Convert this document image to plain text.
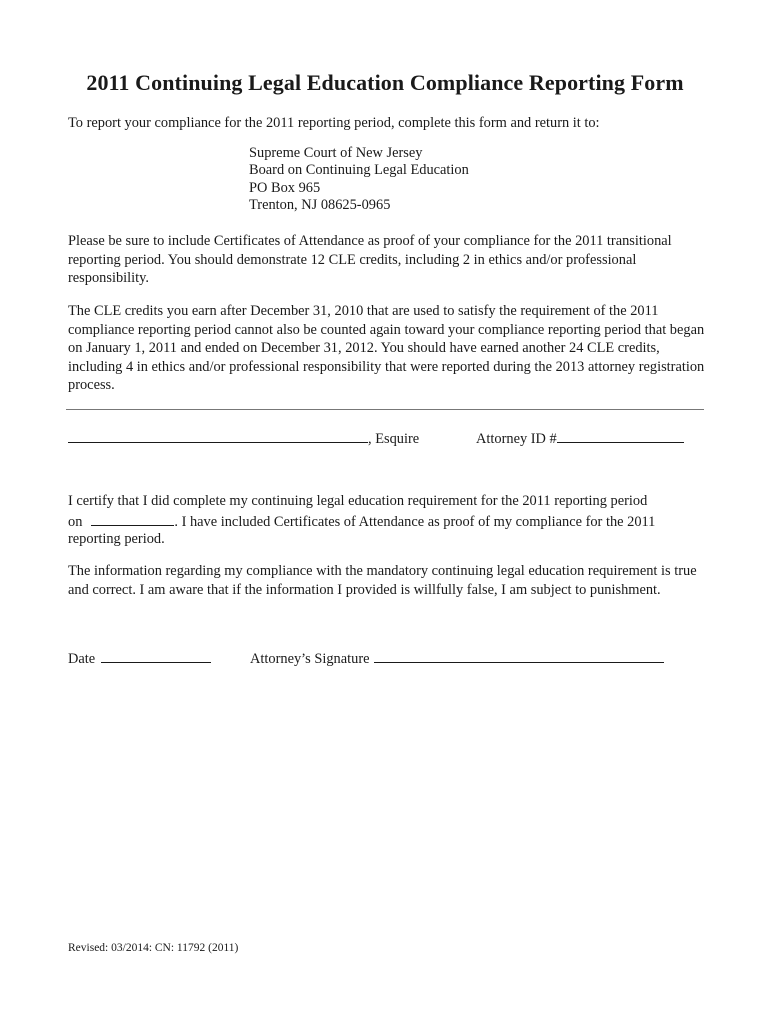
2011 Continuing Legal Education Compliance Reporting Form
To report your compliance for the 2011 reporting period, complete this form and return it to:
Supreme Court of New Jersey
Board on Continuing Legal Education
PO Box 965
Trenton, NJ 08625-0965
Please be sure to include Certificates of Attendance as proof of your compliance for the 2011 transitional reporting period. You should demonstrate 12 CLE credits, including 2 in ethics and/or professional responsibility.
The CLE credits you earn after December 31, 2010 that are used to satisfy the requirement of the 2011 compliance reporting period cannot also be counted again toward your compliance reporting period that began on January 1, 2011 and ended on December 31, 2012. You should have earned another 24 CLE credits, including 4 in ethics and/or professional responsibility that were reported during the 2013 attorney registration process.
, Esquire	Attorney ID #
I certify that I did complete my continuing legal education requirement for the 2011 reporting period
on	. I have included Certificates of Attendance as proof of my compliance for the 2011
reporting period.
The information regarding my compliance with the mandatory continuing legal education requirement is true and correct. I am aware that if the information I provided is willfully false, I am subject to punishment.
Date	Attorney’s Signature
Revised: 03/2014: CN: 11792 (2011)
